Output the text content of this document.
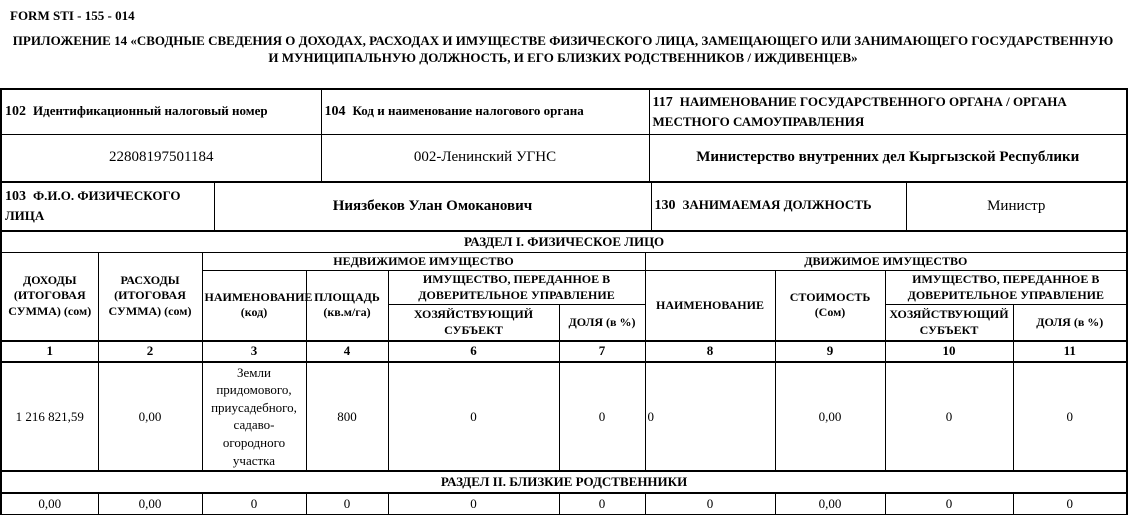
FORM STI - 155 - 014
ПРИЛОЖЕНИЕ 14 «СВОДНЫЕ СВЕДЕНИЯ О ДОХОДАХ, РАСХОДАХ И ИМУЩЕСТВЕ ФИЗИЧЕСКОГО ЛИЦА, ЗАМЕЩАЮЩЕГО ИЛИ ЗАНИМАЮЩЕГО ГОСУДАРСТВЕННУЮ И МУНИЦИПАЛЬНУЮ ДОЛЖНОСТЬ, И ЕГО БЛИЗКИХ РОДСТВЕННИКОВ / ИЖДИВЕНЦЕВ»
102 Идентификационный налоговый номер	104 Код и наименование налогового органа	117 НАИМЕНОВАНИЕ ГОСУДАРСТВЕННОГО ОРГАНА / ОРГАНА МЕСТНОГО САМОУПРАВЛЕНИЯ
22808197501184	002-Ленинский УГНС	Министерство внутренних дел Кыргызской Республики
103 Ф.И.О. ФИЗИЧЕСКОГО ЛИЦА	Ниязбеков Улан Омоканович	130 ЗАНИМАЕМАЯ ДОЛЖНОСТЬ	Министр
РАЗДЕЛ I. ФИЗИЧЕСКОЕ ЛИЦО									
ДОХОДЫ (ИТОГОВАЯ СУММА) (сом)	РАСХОДЫ (ИТОГОВАЯ СУММА) (сом)	НЕДВИЖИМОЕ ИМУЩЕСТВО				ДВИЖИМОЕ ИМУЩЕСТВО			
		НАИМЕНОВАНИЕ (код)	ПЛОЩАДЬ (кв.м/га)	ИМУЩЕСТВО, ПЕРЕДАННОЕ В ДОВЕРИТЕЛЬНОЕ УПРАВЛЕНИЕ		НАИМЕНОВАНИЕ	СТОИМОСТЬ (Сом)	ИМУЩЕСТВО, ПЕРЕДАННОЕ В ДОВЕРИТЕЛЬНОЕ УПРАВЛЕНИЕ	
				ХОЗЯЙСТВУЮЩИЙ СУБЪЕКТ	ДОЛЯ (в %)			ХОЗЯЙСТВУЮЩИЙ СУБЪЕКТ	ДОЛЯ (в %)
1	2	3	4	6	7	8	9	10	11
1 216 821,59	0,00	Земли придомового, приусадебного, садаво-огородного участка	800	0	0	0	0,00	0	0
РАЗДЕЛ II. БЛИЗКИЕ РОДСТВЕННИКИ									
0,00	0,00	0	0	0	0	0	0,00	0	0
